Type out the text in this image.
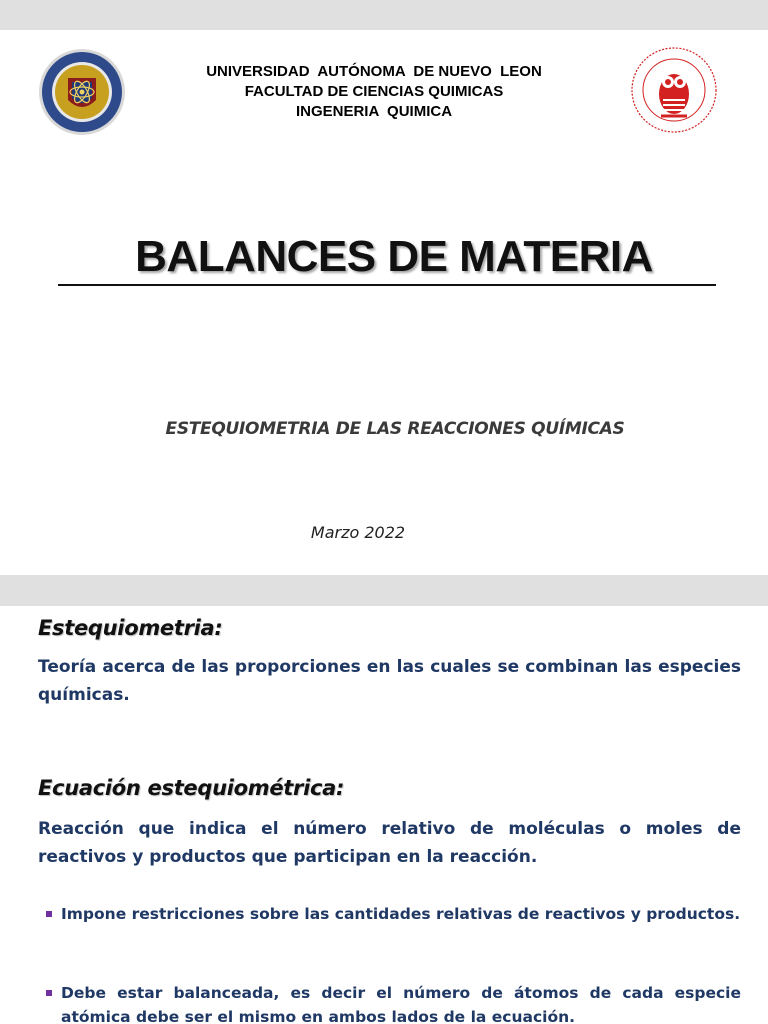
UNIVERSIDAD  AUTÓNOMA  DE NUEVO  LEON
FACULTAD DE CIENCIAS QUIMICAS
INGENERIA  QUIMICA
BALANCES DE MATERIA
ESTEQUIOMETRIA DE LAS REACCIONES QUÍMICAS
Marzo 2022
Estequiometria:
Teoría acerca de las proporciones en las cuales se combinan las especies químicas.
Ecuación estequiométrica:
Reacción que indica el número relativo de moléculas o moles de reactivos y productos que participan en la reacción.
Impone restricciones sobre las cantidades relativas de reactivos y productos.
Debe estar balanceada, es decir el número de átomos de cada especie atómica debe ser el mismo en ambos lados de la ecuación.
